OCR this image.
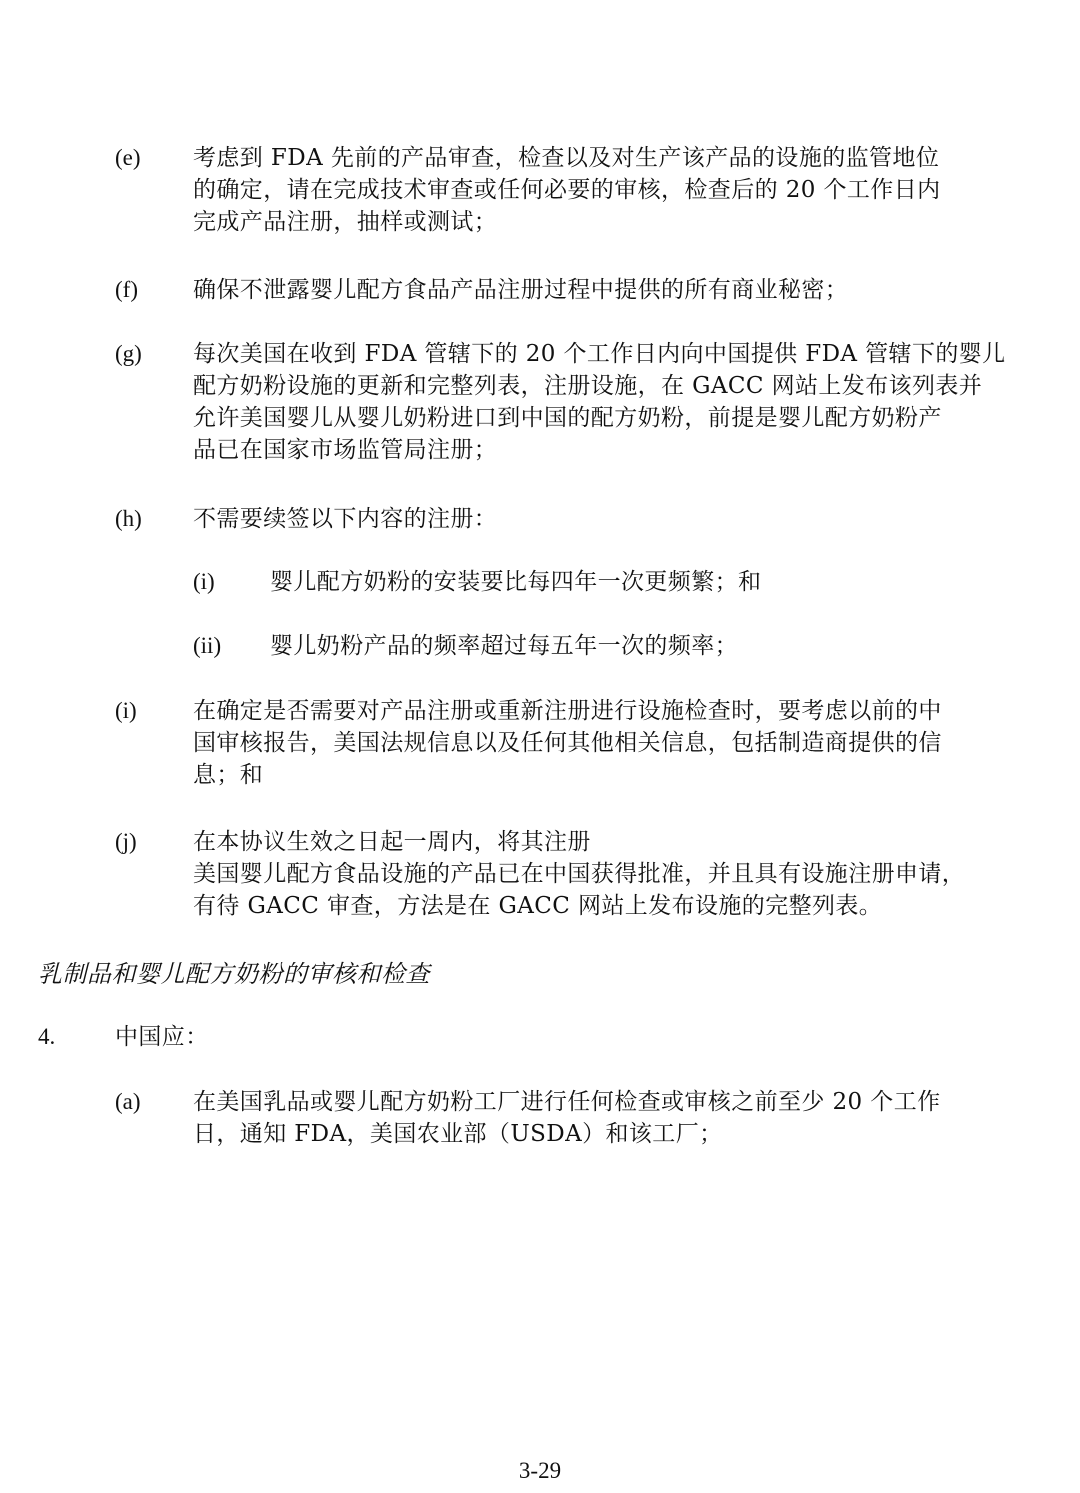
(e) 考虑到 FDA 先前的产品审查，检查以及对生产该产品的设施的监管地位
的确定，请在完成技术审查或任何必要的审核，检查后的 20 个工作日内
完成产品注册，抽样或测试；
(f) 确保不泄露婴儿配方食品产品注册过程中提供的所有商业秘密；
(g) 每次美国在收到 FDA 管辖下的 20 个工作日内向中国提供 FDA 管辖下的婴儿
配方奶粉设施的更新和完整列表，注册设施，在 GACC 网站上发布该列表并
允许美国婴儿从婴儿奶粉进口到中国的配方奶粉，前提是婴儿配方奶粉产
品已在国家市场监管局注册；
(h) 不需要续签以下内容的注册：
(i) 婴儿配方奶粉的安装要比每四年一次更频繁；和
(ii) 婴儿奶粉产品的频率超过每五年一次的频率；
(i) 在确定是否需要对产品注册或重新注册进行设施检查时，要考虑以前的中
国审核报告，美国法规信息以及任何其他相关信息，包括制造商提供的信
息；和
(j) 在本协议生效之日起一周内，将其注册
美国婴儿配方食品设施的产品已在中国获得批准，并且具有设施注册申请，
有待 GACC 审查，方法是在 GACC 网站上发布设施的完整列表。
乳制品和婴儿配方奶粉的审核和检查
4.	中国应：
(a) 在美国乳品或婴儿配方奶粉工厂进行任何检查或审核之前至少 20 个工作
日，通知 FDA，美国农业部（USDA）和该工厂；
3-29
